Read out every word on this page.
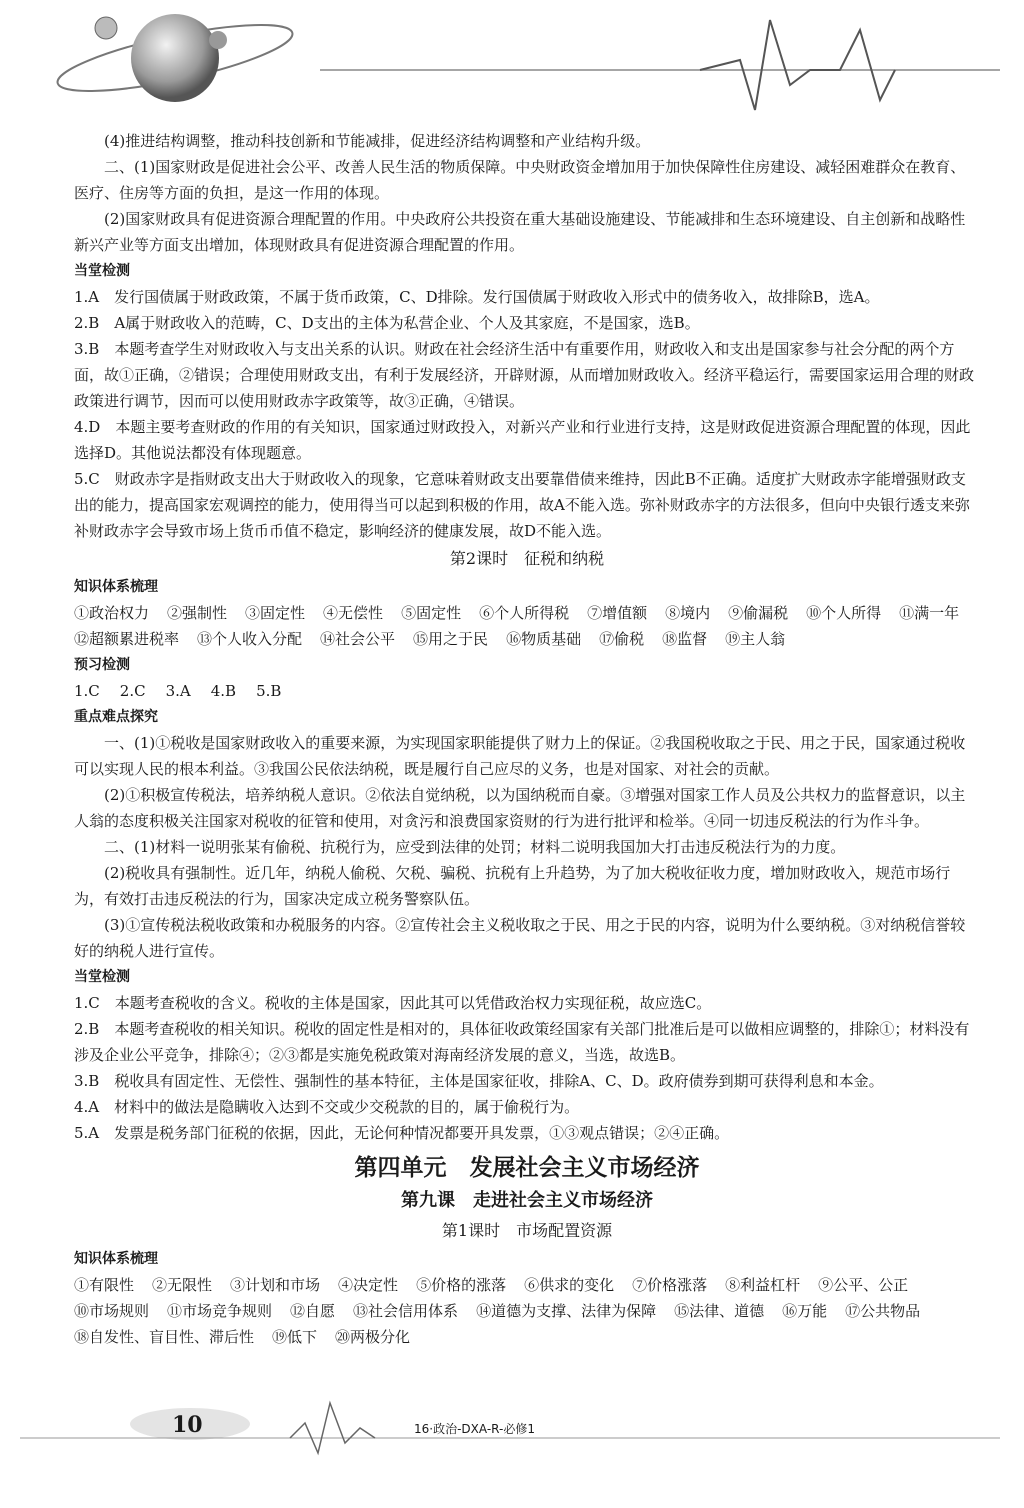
(4)推进结构调整，推动科技创新和节能减排，促进经济结构调整和产业结构升级。

二、(1)国家财政是促进社会公平、改善人民生活的物质保障。中央财政资金增加用于加快保障性住房建设、减轻困难群众在教育、医疗、住房等方面的负担，是这一作用的体现。

(2)国家财政具有促进资源合理配置的作用。中央政府公共投资在重大基础设施建设、节能减排和生态环境建设、自主创新和战略性新兴产业等方面支出增加，体现财政具有促进资源合理配置的作用。

当堂检测

1.A　发行国债属于财政政策，不属于货币政策，C、D排除。发行国债属于财政收入形式中的债务收入，故排除B，选A。

2.B　A属于财政收入的范畴，C、D支出的主体为私营企业、个人及其家庭，不是国家，选B。

3.B　本题考查学生对财政收入与支出关系的认识。财政在社会经济生活中有重要作用，财政收入和支出是国家参与社会分配的两个方面，故①正确，②错误；合理使用财政支出，有利于发展经济，开辟财源，从而增加财政收入。经济平稳运行，需要国家运用合理的财政政策进行调节，因而可以使用财政赤字政策等，故③正确，④错误。

4.D　本题主要考查财政的作用的有关知识，国家通过财政投入，对新兴产业和行业进行支持，这是财政促进资源合理配置的体现，因此选择D。其他说法都没有体现题意。

5.C　财政赤字是指财政支出大于财政收入的现象，它意味着财政支出要靠借债来维持，因此B不正确。适度扩大财政赤字能增强财政支出的能力，提高国家宏观调控的能力，使用得当可以起到积极的作用，故A不能入选。弥补财政赤字的方法很多，但向中央银行透支来弥补财政赤字会导致市场上货币币值不稳定，影响经济的健康发展，故D不能入选。

第2课时　征税和纳税
知识体系梳理
①政治权力 ②强制性 ③固定性 ④无偿性 ⑤固定性 ⑥个人所得税 ⑦增值额 ⑧境内 ⑨偷漏税 ⑩个人所得 ⑪满一年
⑫超额累进税率 ⑬个人收入分配 ⑭社会公平 ⑮用之于民 ⑯物质基础 ⑰偷税 ⑱监督 ⑲主人翁
预习检测
1.C 2.C 3.A 4.B 5.B
重点难点探究

一、(1)①税收是国家财政收入的重要来源，为实现国家职能提供了财力上的保证。②我国税收取之于民、用之于民，国家通过税收可以实现人民的根本利益。③我国公民依法纳税，既是履行自己应尽的义务，也是对国家、对社会的贡献。

(2)①积极宣传税法，培养纳税人意识。②依法自觉纳税，以为国纳税而自豪。③增强对国家工作人员及公共权力的监督意识，以主人翁的态度积极关注国家对税收的征管和使用，对贪污和浪费国家资财的行为进行批评和检举。④同一切违反税法的行为作斗争。

二、(1)材料一说明张某有偷税、抗税行为，应受到法律的处罚；材料二说明我国加大打击违反税法行为的力度。

(2)税收具有强制性。近几年，纳税人偷税、欠税、骗税、抗税有上升趋势，为了加大税收征收力度，增加财政收入，规范市场行为，有效打击违反税法的行为，国家决定成立税务警察队伍。

(3)①宣传税法税收政策和办税服务的内容。②宣传社会主义税收取之于民、用之于民的内容，说明为什么要纳税。③对纳税信誉较好的纳税人进行宣传。

当堂检测

1.C　本题考查税收的含义。税收的主体是国家，因此其可以凭借政治权力实现征税，故应选C。

2.B　本题考查税收的相关知识。税收的固定性是相对的，具体征收政策经国家有关部门批准后是可以做相应调整的，排除①；材料没有涉及企业公平竞争，排除④；②③都是实施免税政策对海南经济发展的意义，当选，故选B。

3.B　税收具有固定性、无偿性、强制性的基本特征，主体是国家征收，排除A、C、D。政府债券到期可获得利息和本金。

4.A　材料中的做法是隐瞒收入达到不交或少交税款的目的，属于偷税行为。

5.A　发票是税务部门征税的依据，因此，无论何种情况都要开具发票，①③观点错误；②④正确。

第四单元　发展社会主义市场经济
第九课　走进社会主义市场经济
第1课时　市场配置资源
知识体系梳理
①有限性 ②无限性 ③计划和市场 ④决定性 ⑤价格的涨落 ⑥供求的变化 ⑦价格涨落 ⑧利益杠杆 ⑨公平、公正
⑩市场规则 ⑪市场竞争规则 ⑫自愿 ⑬社会信用体系 ⑭道德为支撑、法律为保障 ⑮法律、道德 ⑯万能 ⑰公共物品
⑱自发性、盲目性、滞后性 ⑲低下 ⑳两极分化
10	16·政治-DXA-R-必修1
